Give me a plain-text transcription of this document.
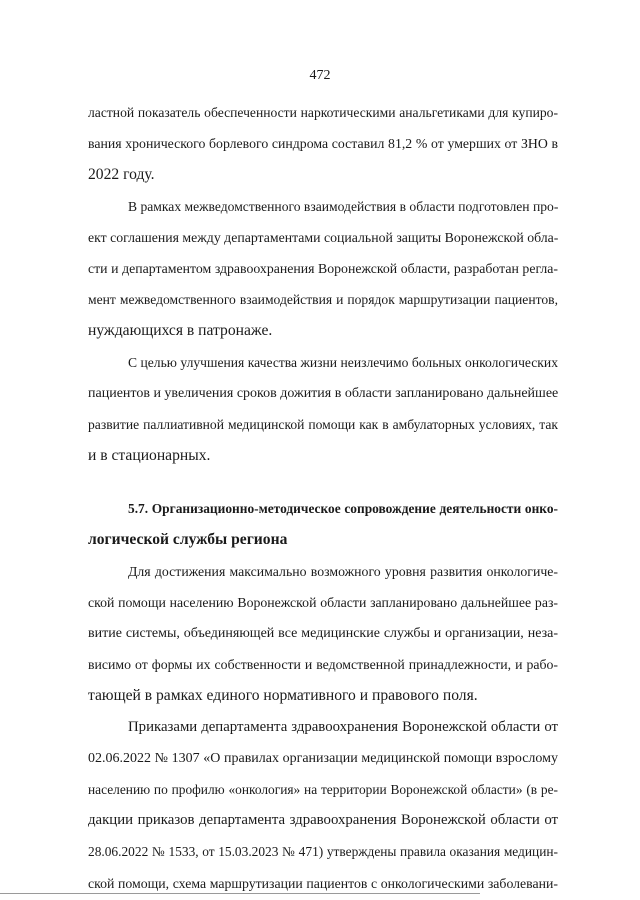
472
ластной показатель обеспеченности наркотическими анальгетиками для купиро-
вания хронического борлевого синдрома составил 81,2 % от умерших от ЗНО в
2022 году.
В рамках межведомственного взаимодействия в области подготовлен про-
ект соглашения между департаментами социальной защиты Воронежской обла-
сти и департаментом здравоохранения Воронежской области, разработан регла-
мент межведомственного взаимодействия и порядок маршрутизации пациентов,
нуждающихся в патронаже.
С целью улучшения качества жизни неизлечимо больных онкологических
пациентов и увеличения сроков дожития в области запланировано дальнейшее
развитие паллиативной медицинской помощи как в амбулаторных условиях, так
и в стационарных.
5.7. Организационно-методическое сопровождение деятельности онко-
логической службы региона
Для достижения максимально возможного уровня развития онкологиче-
ской помощи населению Воронежской области запланировано дальнейшее раз-
витие системы, объединяющей все медицинские службы и организации, неза-
висимо от формы их собственности и ведомственной принадлежности, и рабо-
тающей в рамках единого нормативного и правового поля.
Приказами департамента здравоохранения Воронежской области от
02.06.2022 № 1307 «О правилах организации медицинской помощи взрослому
населению по профилю «онкология» на территории Воронежской области» (в ре-
дакции приказов департамента здравоохранения Воронежской области от
28.06.2022 № 1533, от 15.03.2023 № 471) утверждены правила оказания медицин-
ской помощи, схема маршрутизации пациентов с онкологическими заболевани-
